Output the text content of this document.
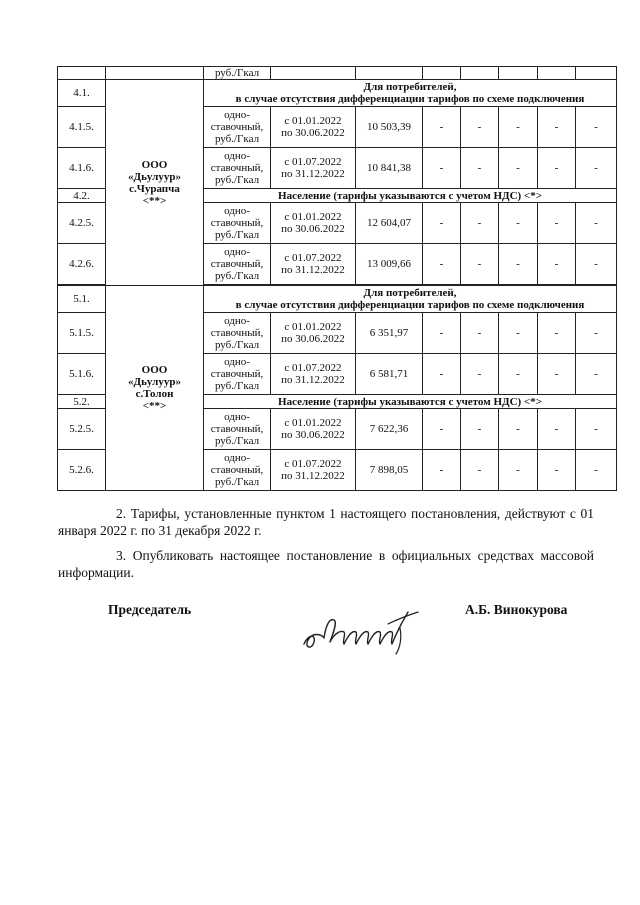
		руб./Гкал							
4.1.	ООО
«Дьулуур»
с.Чурапча
<**>	Для потребителей,
в случае отсутствия дифференциации тарифов по схеме подключения							

4.1.5.		одно-
ставочный,
руб./Гкал	с 01.01.2022
по 30.06.2022	10 503,39	-	-	-	-	-
4.1.6.		одно-
ставочный,
руб./Гкал	с 01.07.2022
по 31.12.2022	10 841,38	-	-	-	-	-
4.2.		Население (тарифы указываются с учетом НДС) <*>							
4.2.5.		одно-
ставочный,
руб./Гкал	с 01.01.2022
по 30.06.2022	12 604,07	-	-	-	-	-
4.2.6.		одно-
ставочный,
руб./Гкал	с 01.07.2022
по 31.12.2022	13 009,66	-	-	-	-	-

5.1.	ООО
«Дьулуур»
с.Толон
<**>	Для потребителей,
в случае отсутствия дифференциации тарифов по схеме подключения							

5.1.5.		одно-
ставочный,
руб./Гкал	с 01.01.2022
по 30.06.2022	6 351,97	-	-	-	-	-
5.1.6.		одно-
ставочный,
руб./Гкал	с 01.07.2022
по 31.12.2022	6 581,71	-	-	-	-	-
5.2.		Население (тарифы указываются с учетом НДС) <*>							
5.2.5.		одно-
ставочный,
руб./Гкал	с 01.01.2022
по 30.06.2022	7 622,36	-	-	-	-	-
5.2.6.		одно-
ставочный,
руб./Гкал	с 01.07.2022
по 31.12.2022	7 898,05	-	-	-	-	-

2. Тарифы, установленные пунктом 1 настоящего постановления, действуют с 01 января 2022 г. по 31 декабря 2022 г.

3. Опубликовать настоящее постановление в официальных средствах массовой информации.

Председатель	А.Б. Винокурова
